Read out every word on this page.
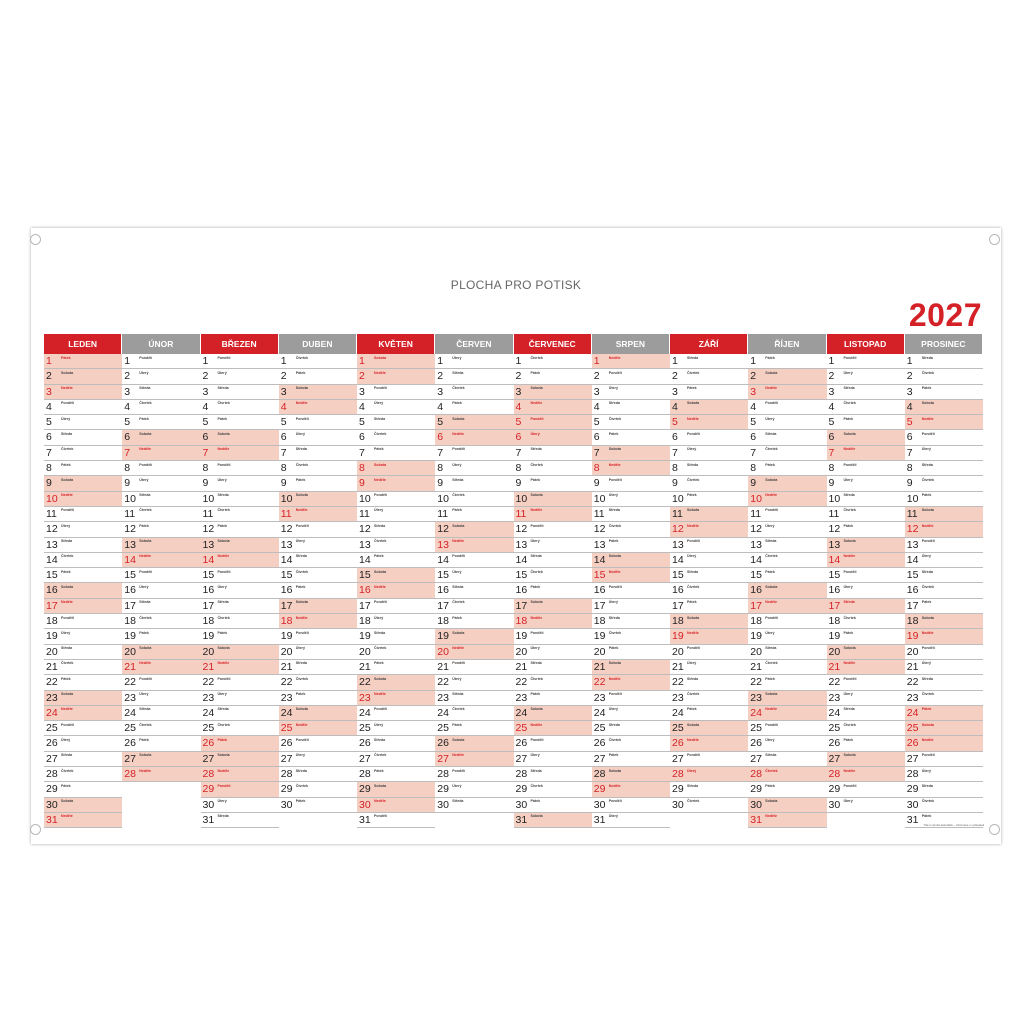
PLOCHA PRO POTISK
2027
LEDEN
1	Pátek
2	Sobota
3	Neděle
4	Pondělí
5	Úterý
6	Středa
7	Čtvrtek
8	Pátek
9	Sobota
10 Neděle
11 Pondělí
12 Úterý
13 Středa
14 Čtvrtek
15 Pátek
16 Sobota
17 Neděle
18 Pondělí
19 Úterý
20 Středa
21 Čtvrtek
22 Pátek
23 Sobota
24 Neděle
25 Pondělí
26 Úterý
27 Středa
28 Čtvrtek
29 Pátek
30 Sobota
31 Neděle
ÚNOR
1	Pondělí
2	Úterý
3	Středa
4	Čtvrtek
5	Pátek
6	Sobota
7	Neděle
8	Pondělí
9	Úterý
10 Středa
11 Čtvrtek
12 Pátek
13 Sobota
14 Neděle
15 Pondělí
16 Úterý
17 Středa
18 Čtvrtek
19 Pátek
20 Sobota
21 Neděle
22 Pondělí
23 Úterý
24 Středa
25 Čtvrtek
26 Pátek
27 Sobota
28 Neděle
BŘEZEN
1	Pondělí
2	Úterý
3	Středa
4	Čtvrtek
5	Pátek
6	Sobota
7	Neděle
8	Pondělí
9	Úterý
10 Středa
11 Čtvrtek
12 Pátek
13 Sobota
14 Neděle
15 Pondělí
16 Úterý
17 Středa
18 Čtvrtek
19 Pátek
20 Sobota
21 Neděle
22 Pondělí
23 Úterý
24 Středa
25 Čtvrtek
26 Pátek
27 Sobota
28 Neděle
29 Pondělí
30 Úterý
31 Středa
DUBEN
1	Čtvrtek
2	Pátek
3	Sobota
4	Neděle
5	Pondělí
6	Úterý
7	Středa
8	Čtvrtek
9	Pátek
10 Sobota
11 Neděle
12 Pondělí
13 Úterý
14 Středa
15 Čtvrtek
16 Pátek
17 Sobota
18 Neděle
19 Pondělí
20 Úterý
21 Středa
22 Čtvrtek
23 Pátek
24 Sobota
25 Neděle
26 Pondělí
27 Úterý
28 Středa
29 Čtvrtek
30 Pátek
KVĚTEN
1	Sobota
2	Neděle
3	Pondělí
4	Úterý
5	Středa
6	Čtvrtek
7	Pátek
8	Sobota
9	Neděle
10 Pondělí
11 Úterý
12 Středa
13 Čtvrtek
14 Pátek
15 Sobota
16 Neděle
17 Pondělí
18 Úterý
19 Středa
20 Čtvrtek
21 Pátek
22 Sobota
23 Neděle
24 Pondělí
25 Úterý
26 Středa
27 Čtvrtek
28 Pátek
29 Sobota
30 Neděle
31 Pondělí
ČERVEN
1	Úterý
2	Středa
3	Čtvrtek
4	Pátek
5	Sobota
6	Neděle
7	Pondělí
8	Úterý
9	Středa
10 Čtvrtek
11 Pátek
12 Sobota
13 Neděle
14 Pondělí
15 Úterý
16 Středa
17 Čtvrtek
18 Pátek
19 Sobota
20 Neděle
21 Pondělí
22 Úterý
23 Středa
24 Čtvrtek
25 Pátek
26 Sobota
27 Neděle
28 Pondělí
29 Úterý
30 Středa
ČERVENEC
1	Čtvrtek
2	Pátek
3	Sobota
4	Neděle
5	Pondělí
6	Úterý
7	Středa
8	Čtvrtek
9	Pátek
10 Sobota
11 Neděle
12 Pondělí
13 Úterý
14 Středa
15 Čtvrtek
16 Pátek
17 Sobota
18 Neděle
19 Pondělí
20 Úterý
21 Středa
22 Čtvrtek
23 Pátek
24 Sobota
25 Neděle
26 Pondělí
27 Úterý
28 Středa
29 Čtvrtek
30 Pátek
31 Sobota
SRPEN
1	Neděle
2	Pondělí
3	Úterý
4	Středa
5	Čtvrtek
6	Pátek
7	Sobota
8	Neděle
9	Pondělí
10 Úterý
11 Středa
12 Čtvrtek
13 Pátek
14 Sobota
15 Neděle
16 Pondělí
17 Úterý
18 Středa
19 Čtvrtek
20 Pátek
21 Sobota
22 Neděle
23 Pondělí
24 Úterý
25 Středa
26 Čtvrtek
27 Pátek
28 Sobota
29 Neděle
30 Pondělí
31 Úterý
ZÁŘÍ
1	Středa
2	Čtvrtek
3	Pátek
4	Sobota
5	Neděle
6	Pondělí
7	Úterý
8	Středa
9	Čtvrtek
10 Pátek
11 Sobota
12 Neděle
13 Pondělí
14 Úterý
15 Středa
16 Čtvrtek
17 Pátek
18 Sobota
19 Neděle
20 Pondělí
21 Úterý
22 Středa
23 Čtvrtek
24 Pátek
25 Sobota
26 Neděle
27 Pondělí
28 Úterý
29 Středa
30 Čtvrtek
ŘÍJEN
1	Pátek
2	Sobota
3	Neděle
4	Pondělí
5	Úterý
6	Středa
7	Čtvrtek
8	Pátek
9	Sobota
10 Neděle
11 Pondělí
12 Úterý
13 Středa
14 Čtvrtek
15 Pátek
16 Sobota
17 Neděle
18 Pondělí
19 Úterý
20 Středa
21 Čtvrtek
22 Pátek
23 Sobota
24 Neděle
25 Pondělí
26 Úterý
27 Středa
28 Čtvrtek
29 Pátek
30 Sobota
31 Neděle
LISTOPAD
1	Pondělí
2	Úterý
3	Středa
4	Čtvrtek
5	Pátek
6	Sobota
7	Neděle
8	Pondělí
9	Úterý
10 Středa
11 Čtvrtek
12 Pátek
13 Sobota
14 Neděle
15 Pondělí
16 Úterý
17 Středa
18 Čtvrtek
19 Pátek
20 Sobota
21 Neděle
22 Pondělí
23 Úterý
24 Středa
25 Čtvrtek
26 Pátek
27 Sobota
28 Neděle
29 Pondělí
30 Úterý
PROSINEC
1	Středa
2	Čtvrtek
3	Pátek
4	Sobota
5	Neděle
6	Pondělí
7	Úterý
8	Středa
9	Čtvrtek
10 Pátek
11 Sobota
12 Neděle
13 Pondělí
14 Úterý
15 Středa
16 Čtvrtek
17 Pátek
18 Sobota
19 Neděle
20 Pondělí
21 Úterý
22 Středa
23 Čtvrtek
24 Pátek
25 Sobota
26 Neděle
27 Pondělí
28 Úterý
29 Středa
30 Čtvrtek
31 Pátek
Tisk a výroba kalendáře – informace o vydavateli
